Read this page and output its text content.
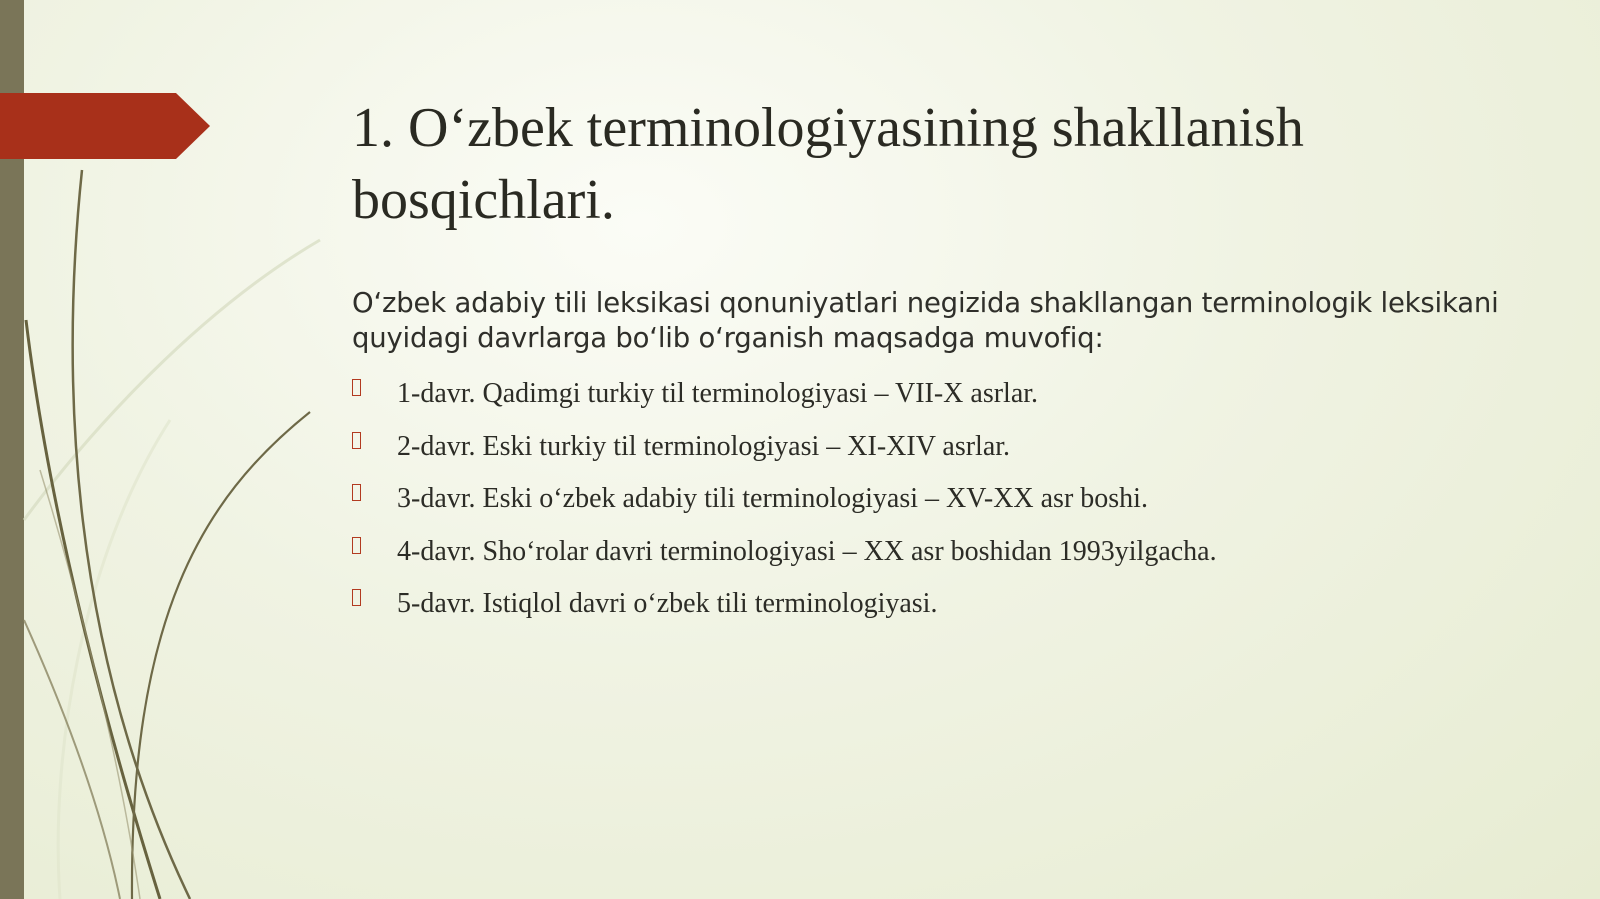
1. O‘zbek terminologiyasining shakllanish bosqichlari.

O‘zbek adabiy tili leksikasi qonuniyatlari negizida shakllangan terminologik leksikani quyidagi davrlarga bo‘lib o‘rganish maqsadga muvofiq:

1-davr. Qadimgi turkiy til terminologiyasi – VII-X asrlar.
2-davr. Eski turkiy til terminologiyasi – XI-XIV asrlar.
3-davr. Eski o‘zbek adabiy tili terminologiyasi – XV-XX asr boshi.
4-davr. Sho‘rolar davri terminologiyasi – XX asr boshidan 1993yilgacha.
5-davr. Istiqlol davri o‘zbek tili terminologiyasi.
